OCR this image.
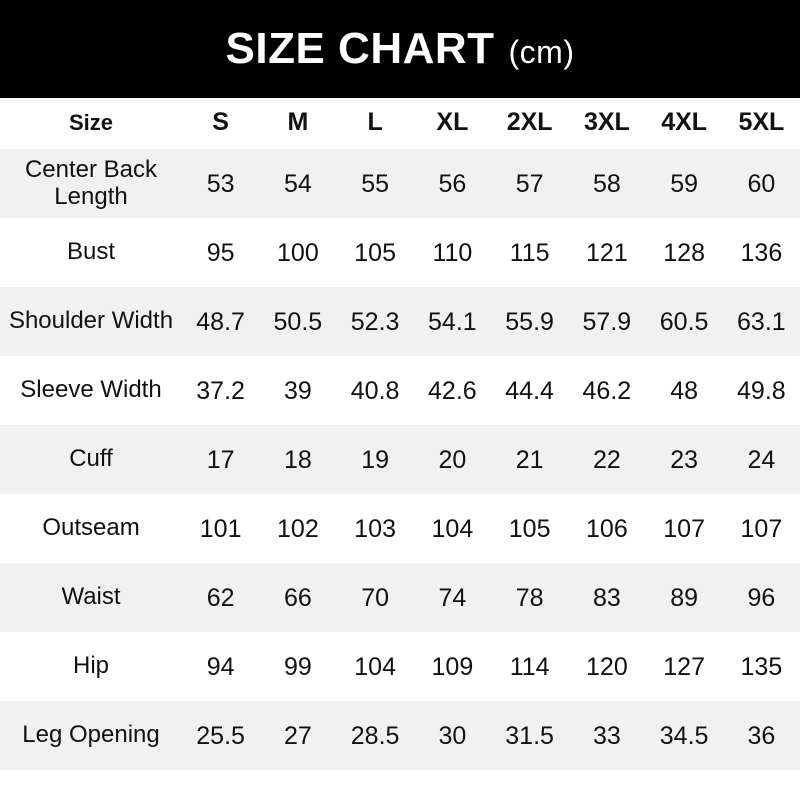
SIZE CHART (cm)
Size	S	M	L	XL	2XL	3XL	4XL	5XL
Center Back Length	53	54	55	56	57	58	59	60
Bust	95	100	105	110	115	121	128	136
Shoulder Width	48.7	50.5	52.3	54.1	55.9	57.9	60.5	63.1
Sleeve Width	37.2	39	40.8	42.6	44.4	46.2	48	49.8
Cuff	17	18	19	20	21	22	23	24
Outseam	101	102	103	104	105	106	107	107
Waist	62	66	70	74	78	83	89	96
Hip	94	99	104	109	114	120	127	135
Leg Opening	25.5	27	28.5	30	31.5	33	34.5	36
